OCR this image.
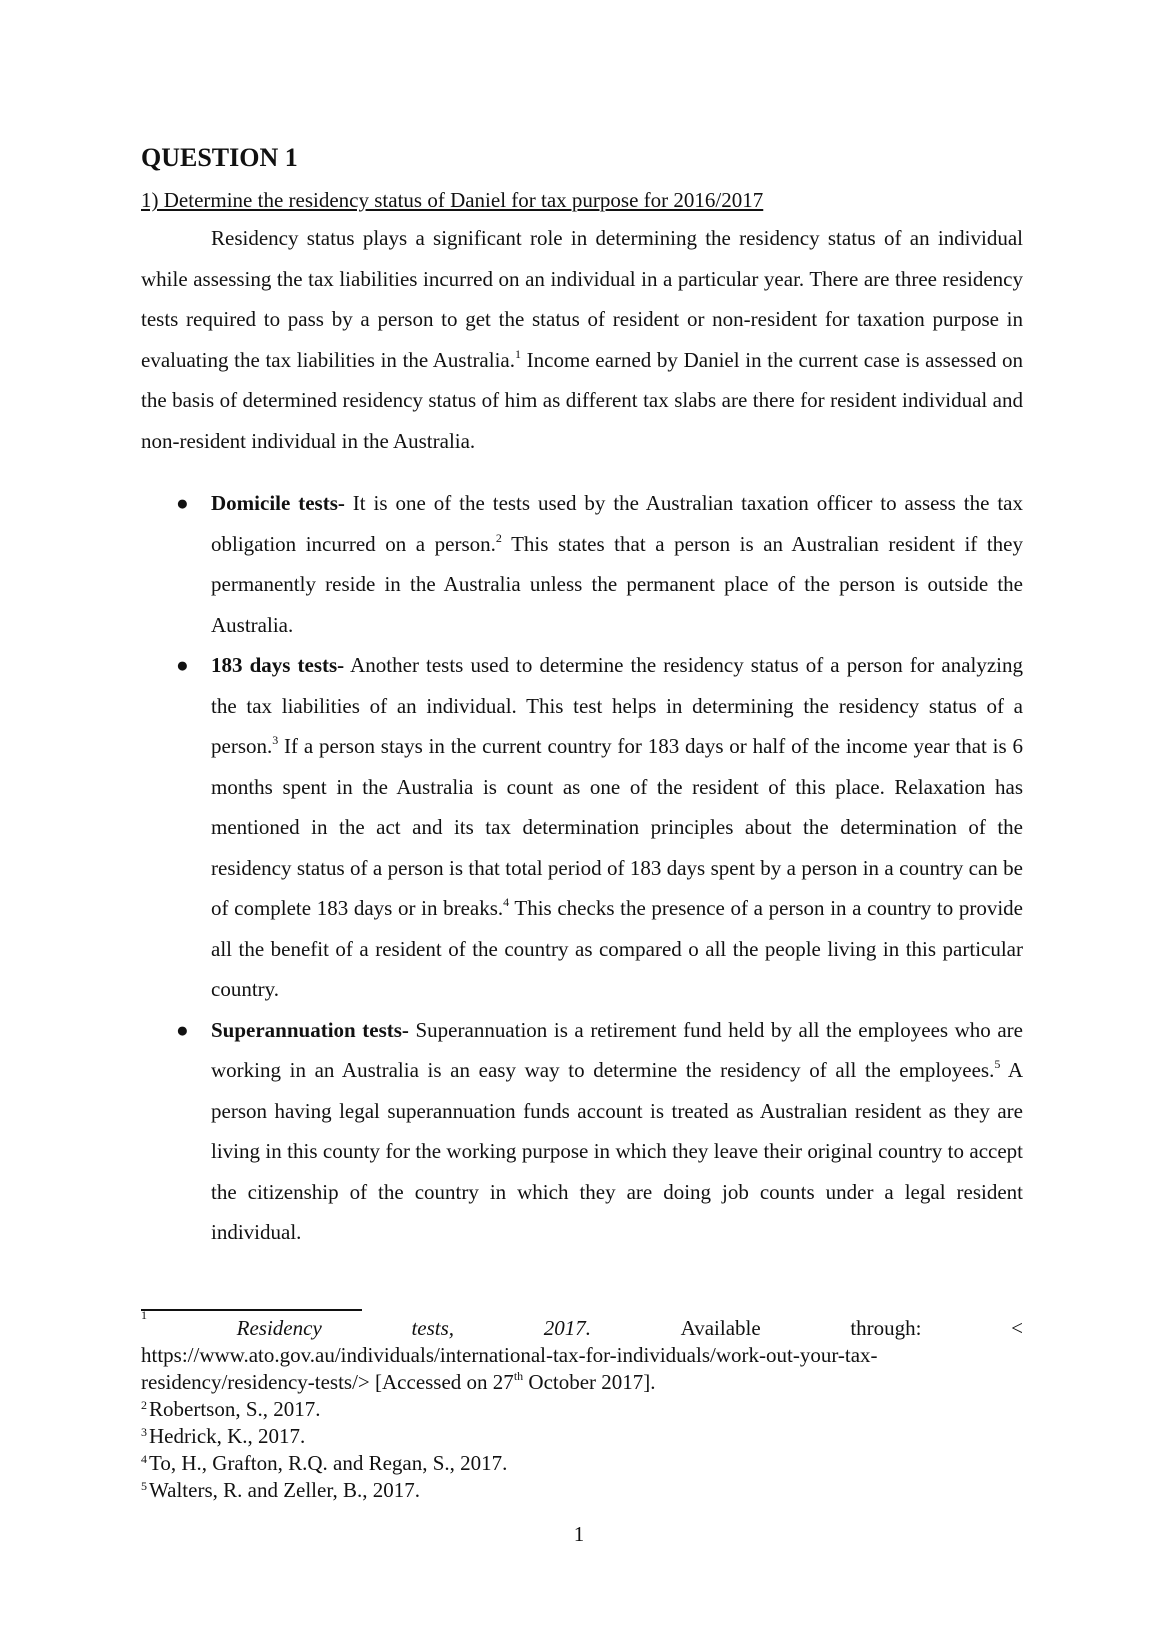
QUESTION 1
1) Determine the residency status of Daniel for tax purpose for 2016/2017

Residency status plays a significant role in determining the residency status of an individual while assessing the tax liabilities incurred on an individual in a particular year. There are three residency tests required to pass by a person to get the status of resident or non-resident for taxation purpose in evaluating the tax liabilities in the Australia.$^1$ Income earned by Daniel in the current case is assessed on the basis of determined residency status of him as different tax slabs are there for resident individual and non-resident individual in the Australia.

● Domicile tests- It is one of the tests used by the Australian taxation officer to assess the tax obligation incurred on a person.$^2$ This states that a person is an Australian resident if they permanently reside in the Australia unless the permanent place of the person is outside the Australia.
● 183 days tests- Another tests used to determine the residency status of a person for analyzing the tax liabilities of an individual. This test helps in determining the residency status of a person.$^3$ If a person stays in the current country for 183 days or half of the income year that is 6 months spent in the Australia is count as one of the resident of this place. Relaxation has mentioned in the act and its tax determination principles about the determination of the residency status of a person is that total period of 183 days spent by a person in a country can be of complete 183 days or in breaks.$^4$ This checks the presence of a person in a country to provide all the benefit of a resident of the country as compared o all the people living in this particular country.
● Superannuation tests- Superannuation is a retirement fund held by all the employees who are working in an Australia is an easy way to determine the residency of all the employees.$^5$ A person having legal superannuation funds account is treated as Australian resident as they are living in this county for the working purpose in which they leave their original country to accept the citizenship of the country in which they are doing job counts under a legal resident individual.
1
Residency	tests,	2017.	Available	through:	<
https://www.ato.gov.au/individuals/international-tax-for-individuals/work-out-your-tax-
residency/residency-tests/> [Accessed on 27th October 2017].
$^2$Robertson, S., 2017.
$^3$Hedrick, K., 2017.
$^4$To, H., Grafton, R.Q. and Regan, S., 2017.
$^5$Walters, R. and Zeller, B., 2017.
1
